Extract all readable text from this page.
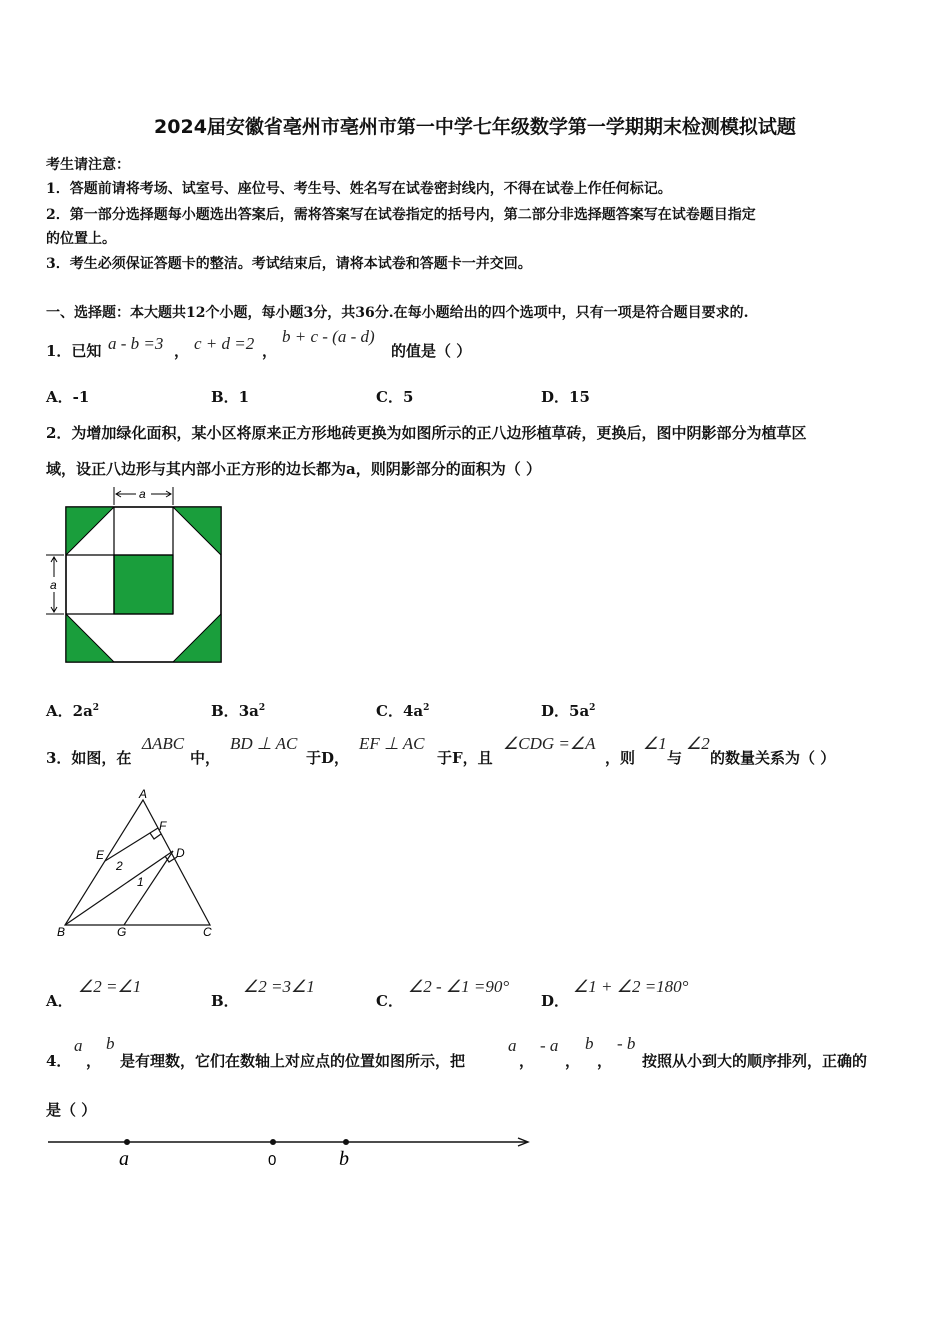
2024届安徽省亳州市亳州市第一中学七年级数学第一学期期末检测模拟试题
考生请注意：
1．答题前请将考场、试室号、座位号、考生号、姓名写在试卷密封线内，不得在试卷上作任何标记。
2．第一部分选择题每小题选出答案后，需将答案写在试卷指定的括号内，第二部分非选择题答案写在试卷题目指定
的位置上。
3．考生必须保证答题卡的整洁。考试结束后，请将本试卷和答题卡一并交回。
一、选择题：本大题共12个小题，每小题3分，共36分.在每小题给出的四个选项中，只有一项是符合题目要求的.
1．已知 a - b =3 ， c + d =2 ，
b + c - (a - d)
的值是（ ）
A．-1	B．1	C．5	D．15
2．为增加绿化面积，某小区将原来正方形地砖更换为如图所示的正八边形植草砖，更换后，图中阴影部分为植草区
域，设正八边形与其内部小正方形的边长都为a，则阴影部分的面积为（ ）
a
a
A．$2a^2$	B．$3a^2$	C．$4a^2$	D．$5a^2$
3．如图，在
ΔABC
中，
BD ⊥ AC
于D，
EF ⊥ AC
于F，且
∠CDG =∠A
，则
∠1
与
∠2
的数量关系为（ ）
A
B	C
D
E
F
G
1
2
A．
∠2 =∠1
B．
∠2 =3∠1
C．
∠2 - ∠1 =90°
D．
∠1 + ∠2 =180°
4．
a
，
b
是有理数，它们在数轴上对应点的位置如图所示，把
a
，
- a
，
b
，
- b
按照从小到大的顺序排列，正确的
是（ ）
a	0	b
